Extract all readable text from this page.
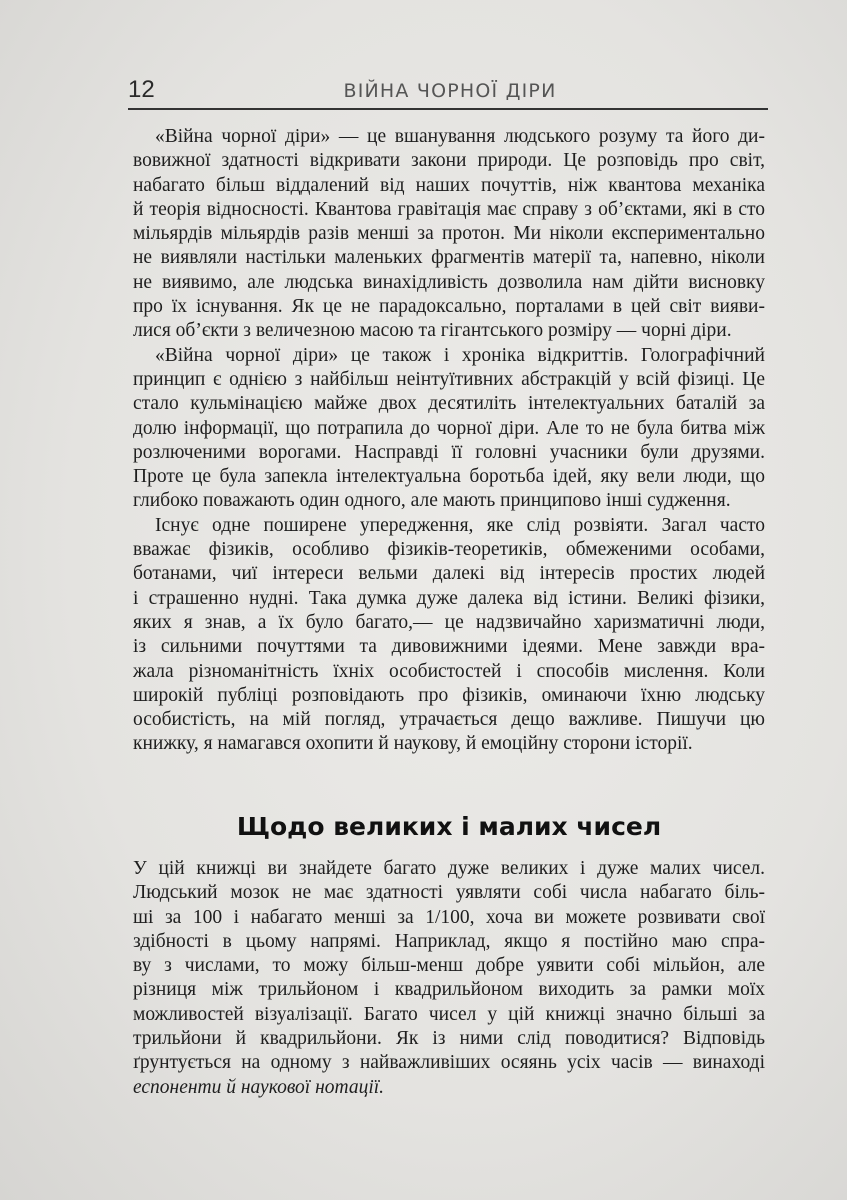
12	ВІЙНА ЧОРНОЇ ДІРИ
«Війна чорної діри» — це вшанування людського розуму та його ди-
вовижної здатності відкривати закони природи. Це розповідь про світ,
набагато більш віддалений від наших почуттів, ніж квантова механіка
й теорія відносності. Квантова гравітація має справу з об’єктами, які в сто
мільярдів мільярдів разів менші за протон. Ми ніколи експериментально
не виявляли настільки маленьких фрагментів матерії та, напевно, ніколи
не виявимо, але людська винахідливість дозволила нам дійти висновку
про їх існування. Як це не парадоксально, порталами в цей світ вияви-
лися об’єкти з величезною масою та гігантського розміру — чорні діри.
«Війна чорної діри» це також і хроніка відкриттів. Голографічний
принцип є однією з найбільш неінтуїтивних абстракцій у всій фізиці. Це
стало кульмінацією майже двох десятиліть інтелектуальних баталій за
долю інформації, що потрапила до чорної діри. Але то не була битва між
розлюченими ворогами. Насправді її головні учасники були друзями.
Проте це була запекла інтелектуальна боротьба ідей, яку вели люди, що
глибоко поважають один одного, але мають принципово інші судження.
Існує одне поширене упередження, яке слід розвіяти. Загал часто
вважає фізиків, особливо фізиків-теоретиків, обмеженими особами,
ботанами, чиї інтереси вельми далекі від інтересів простих людей
і страшенно нудні. Така думка дуже далека від істини. Великі фізики,
яких я знав, а їх було багато,— це надзвичайно харизматичні люди,
із сильними почуттями та дивовижними ідеями. Мене завжди вра-
жала різноманітність їхніх особистостей і способів мислення. Коли
широкій публіці розповідають про фізиків, оминаючи їхню людську
особистість, на мій погляд, утрачається дещо важливе. Пишучи цю
книжку, я намагався охопити й наукову, й емоційну сторони історії.
Щодо великих і малих чисел
У цій книжці ви знайдете багато дуже великих і дуже малих чисел.
Людський мозок не має здатності уявляти собі числа набагато біль-
ші за 100 і набагато менші за 1/100, хоча ви можете розвивати свої
здібності в цьому напрямі. Наприклад, якщо я постійно маю спра-
ву з числами, то можу більш-менш добре уявити собі мільйон, але
різниця між трильйоном і квадрильйоном виходить за рамки моїх
можливостей візуалізації. Багато чисел у цій книжці значно більші за
трильйони й квадрильйони. Як із ними слід поводитися? Відповідь
ґрунтується на одному з найважливіших осяянь усіх часів — винаході
еспоненти й наукової нотації.
